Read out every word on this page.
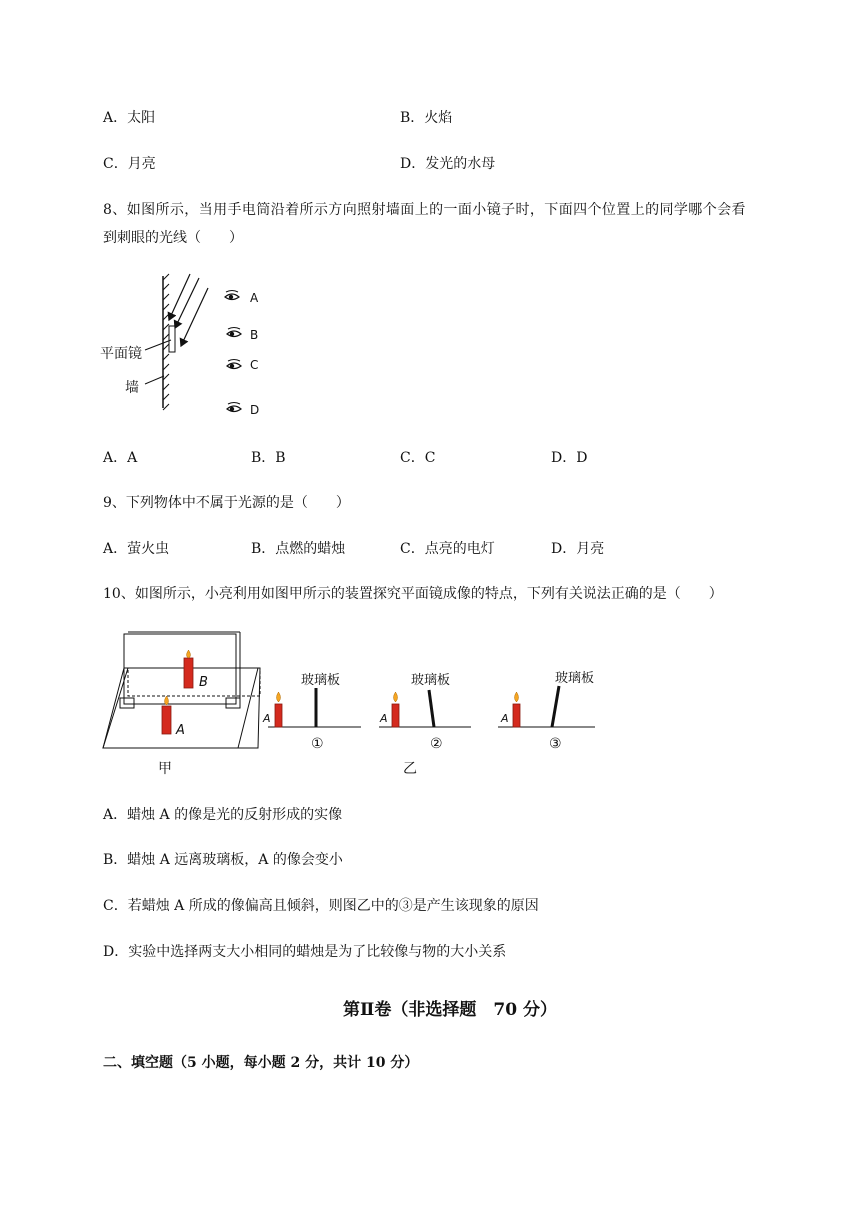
A．太阳	B．火焰
C．月亮	D．发光的水母
8、如图所示，当用手电筒沿着所示方向照射墙面上的一面小镜子时，下面四个位置上的同学哪个会看
到刺眼的光线（　　）
平面镜
墙
A
B
C
D
A．A	B．B	C．C	D．D
9、下列物体中不属于光源的是（　　）
A．萤火虫	B．点燃的蜡烛	C．点亮的电灯	D．月亮
10、如图所示，小亮利用如图甲所示的装置探究平面镜成像的特点，下列有关说法正确的是（　　）
B
A
甲
A
玻璃板
①
A
玻璃板
乙
②
A
玻璃板
③
A．蜡烛 A 的像是光的反射形成的实像
B．蜡烛 A 远离玻璃板，A 的像会变小
C．若蜡烛 A 所成的像偏高且倾斜，则图乙中的③是产生该现象的原因
D．实验中选择两支大小相同的蜡烛是为了比较像与物的大小关系
第Ⅱ卷（非选择题　70 分）
二、填空题（5 小题，每小题 2 分，共计 10 分）
